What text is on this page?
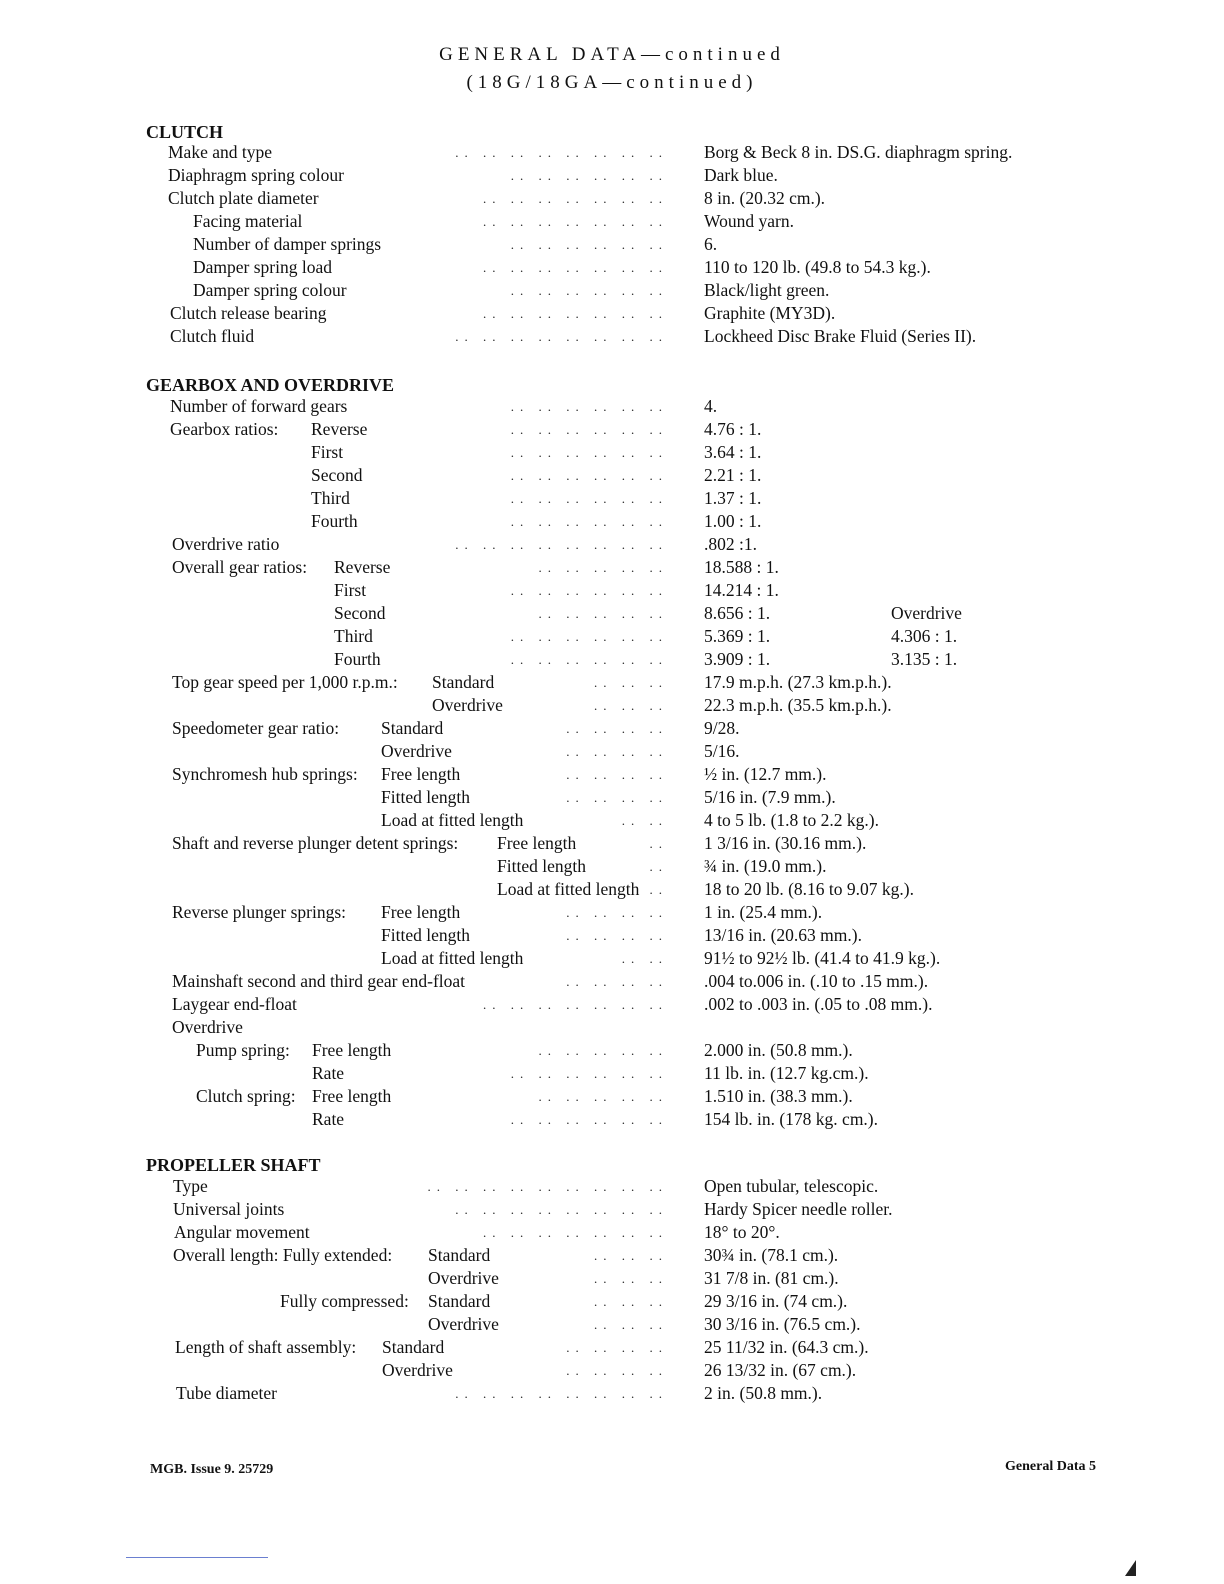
GENERAL DATA—continued
(18G/18GA—continued)
CLUTCH
Make and type	Borg & Beck 8 in. DS.G. diaphragm spring.
.. .. .. .. .. .. .. ..
Diaphragm spring colour	Dark blue.
.. .. .. .. .. ..
Clutch plate diameter	8 in. (20.32 cm.).
.. .. .. .. .. .. ..
Facing material	Wound yarn.
.. .. .. .. .. .. ..
Number of damper springs	6.
.. .. .. .. .. ..
Damper spring load	110 to 120 lb. (49.8 to 54.3 kg.).
.. .. .. .. .. .. ..
Damper spring colour	Black/light green.
.. .. .. .. .. ..
Clutch release bearing	Graphite (MY3D).
.. .. .. .. .. .. ..
Clutch fluid	Lockheed Disc Brake Fluid (Series II).
.. .. .. .. .. .. .. ..
GEARBOX AND OVERDRIVE
Number of forward gears	4.
.. .. .. .. .. ..
Gearbox ratios: Reverse	4.76 : 1.
.. .. .. .. .. ..
First	3.64 : 1.
.. .. .. .. .. ..
Second	2.21 : 1.
.. .. .. .. .. ..
Third	1.37 : 1.
.. .. .. .. .. ..
Fourth	1.00 : 1.
.. .. .. .. .. ..
Overdrive ratio	.802 :1.
.. .. .. .. .. .. .. ..
Overall gear ratios: Reverse	18.588 : 1.
.. .. .. .. ..
First	14.214 : 1.
.. .. .. .. .. ..
Second	8.656 : 1.	Overdrive
.. .. .. .. ..
Third	5.369 : 1.	4.306 : 1.
.. .. .. .. .. ..
Fourth	3.909 : 1.	3.135 : 1.
.. .. .. .. .. ..
Top gear speed per 1,000 r.p.m.: Standard	17.9 m.p.h. (27.3 km.p.h.).
.. .. ..
Overdrive	22.3 m.p.h. (35.5 km.p.h.).
.. .. ..
Speedometer gear ratio: Standard	9/28.
.. .. .. ..
Overdrive	5/16.
.. .. .. ..
Synchromesh hub springs: Free length	½ in. (12.7 mm.).
.. .. .. ..
Fitted length	5/16 in. (7.9 mm.).
.. .. .. ..
Load at fitted length	4 to 5 lb. (1.8 to 2.2 kg.).
.. ..
Shaft and reverse plunger detent springs: Free length	1 3/16 in. (30.16 mm.).
..
Fitted length	¾ in. (19.0 mm.).
..
Load at fitted length	18 to 20 lb. (8.16 to 9.07 kg.).
..
Reverse plunger springs: Free length	1 in. (25.4 mm.).
.. .. .. ..
Fitted length	13/16 in. (20.63 mm.).
.. .. .. ..
Load at fitted length	91½ to 92½ lb. (41.4 to 41.9 kg.).
.. ..
Mainshaft second and third gear end-float	.004 to.006 in. (.10 to .15 mm.).
.. .. .. ..
Laygear end-float	.002 to .003 in. (.05 to .08 mm.).
.. .. .. .. .. .. ..
Overdrive
Pump spring: Free length	2.000 in. (50.8 mm.).
.. .. .. .. ..
Rate	11 lb. in. (12.7 kg.cm.).
.. .. .. .. .. ..
Clutch spring: Free length	1.510 in. (38.3 mm.).
.. .. .. .. ..
Rate	154 lb. in. (178 kg. cm.).
.. .. .. .. .. ..
PROPELLER SHAFT
Type	Open tubular, telescopic.
.. .. .. .. .. .. .. .. ..
Universal joints	Hardy Spicer needle roller.
.. .. .. .. .. .. .. ..
Angular movement	18° to 20°.
.. .. .. .. .. .. ..
Overall length: Fully extended: Standard	30¾ in. (78.1 cm.).
.. .. ..
Overdrive	31 7/8 in. (81 cm.).
.. .. ..
Fully compressed: Standard	29 3/16 in. (74 cm.).
.. .. ..
Overdrive	30 3/16 in. (76.5 cm.).
.. .. ..
Length of shaft assembly: Standard	25 11/32 in. (64.3 cm.).
.. .. .. ..
Overdrive	26 13/32 in. (67 cm.).
.. .. .. ..
Tube diameter	2 in. (50.8 mm.).
.. .. .. .. .. .. .. ..
MGB. Issue 9. 25729	General Data 5
